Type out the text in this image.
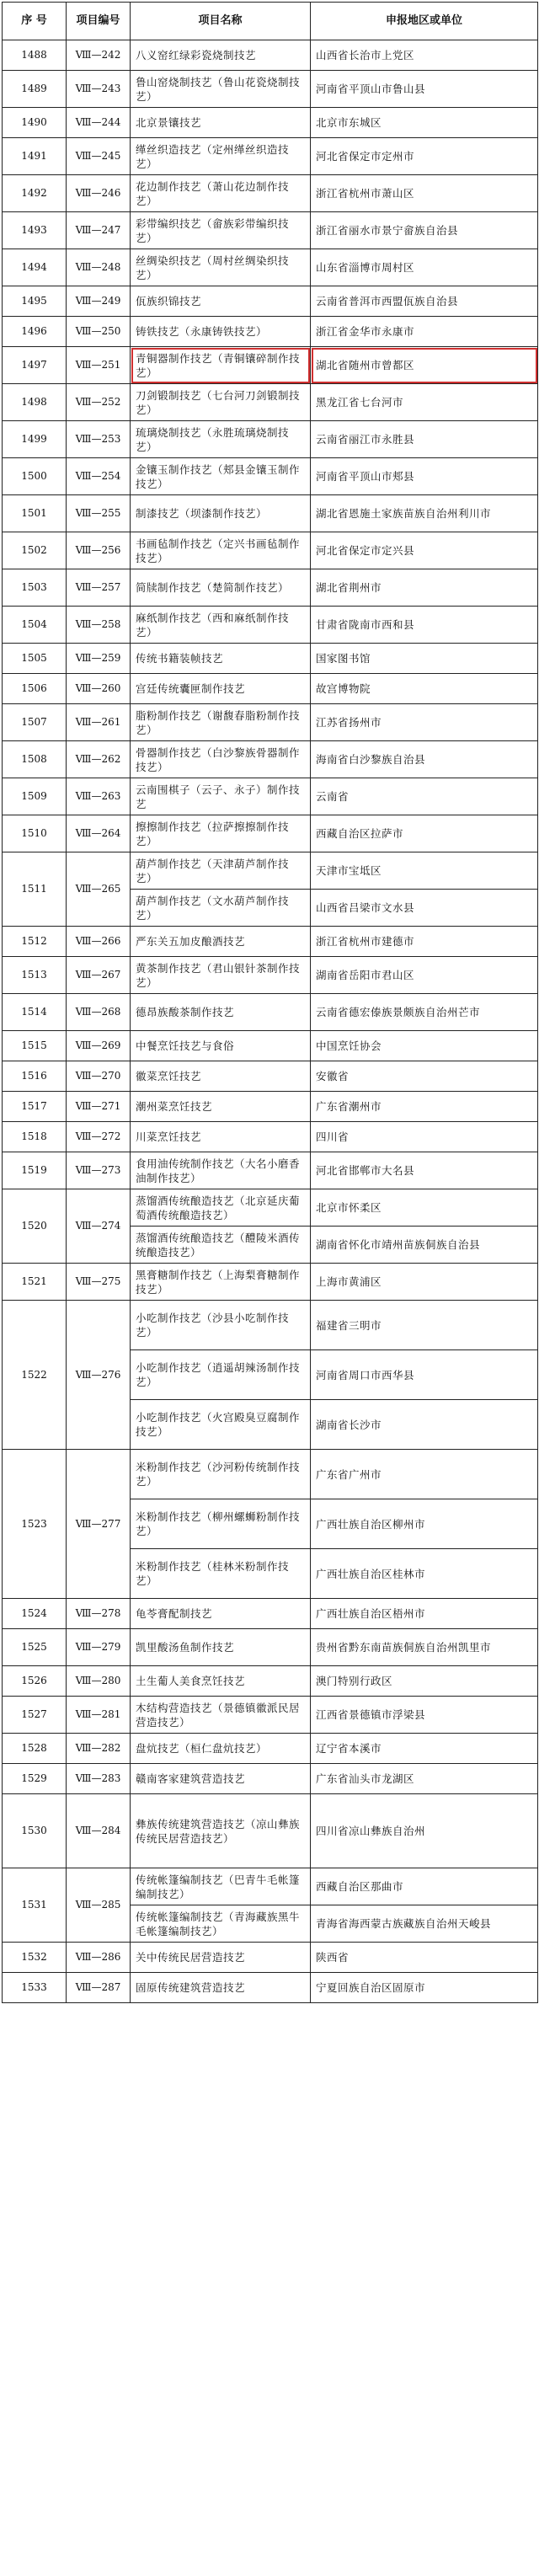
序 号	项目编号	项目名称	申报地区或单位
1488	Ⅷ—242	八义窑红绿彩瓷烧制技艺	山西省长治市上党区
1489	Ⅷ—243	鲁山窑烧制技艺（鲁山花瓷烧制技艺）	河南省平顶山市鲁山县
1490	Ⅷ—244	北京景镶技艺	北京市东城区
1491	Ⅷ—245	缂丝织造技艺（定州缂丝织造技艺）	河北省保定市定州市
1492	Ⅷ—246	花边制作技艺（萧山花边制作技艺）	浙江省杭州市萧山区
1493	Ⅷ—247	彩带编织技艺（畲族彩带编织技艺）	浙江省丽水市景宁畲族自治县
1494	Ⅷ—248	丝绸染织技艺（周村丝绸染织技艺）	山东省淄博市周村区
1495	Ⅷ—249	佤族织锦技艺	云南省普洱市西盟佤族自治县
1496	Ⅷ—250	铸铁技艺（永康铸铁技艺）	浙江省金华市永康市
1497	Ⅷ—251	青铜器制作技艺（青铜镶碎制作技艺）	湖北省随州市曾都区
1498	Ⅷ—252	刀剑锻制技艺（七台河刀剑锻制技艺）	黑龙江省七台河市
1499	Ⅷ—253	琉璃烧制技艺（永胜琉璃烧制技艺）	云南省丽江市永胜县
1500	Ⅷ—254	金镶玉制作技艺（郏县金镶玉制作技艺）	河南省平顶山市郏县
1501	Ⅷ—255	制漆技艺（坝漆制作技艺）	湖北省恩施土家族苗族自治州利川市
1502	Ⅷ—256	书画毡制作技艺（定兴书画毡制作技艺）	河北省保定市定兴县
1503	Ⅷ—257	简牍制作技艺（楚简制作技艺）	湖北省荆州市
1504	Ⅷ—258	麻纸制作技艺（西和麻纸制作技艺）	甘肃省陇南市西和县
1505	Ⅷ—259	传统书籍装帧技艺	国家图书馆
1506	Ⅷ—260	宫廷传统囊匣制作技艺	故宫博物院
1507	Ⅷ—261	脂粉制作技艺（谢馥春脂粉制作技艺）	江苏省扬州市
1508	Ⅷ—262	骨器制作技艺（白沙黎族骨器制作技艺）	海南省白沙黎族自治县
1509	Ⅷ—263	云南围棋子（云子、永子）制作技艺	云南省
1510	Ⅷ—264	擦擦制作技艺（拉萨擦擦制作技艺）	西藏自治区拉萨市
1511	Ⅷ—265	葫芦制作技艺（天津葫芦制作技艺）	天津市宝坻区
		葫芦制作技艺（文水葫芦制作技艺）	山西省吕梁市文水县
1512	Ⅷ—266	严东关五加皮酿酒技艺	浙江省杭州市建德市
1513	Ⅷ—267	黄茶制作技艺（君山银针茶制作技艺）	湖南省岳阳市君山区
1514	Ⅷ—268	德昂族酸茶制作技艺	云南省德宏傣族景颇族自治州芒市
1515	Ⅷ—269	中餐烹饪技艺与食俗	中国烹饪协会
1516	Ⅷ—270	徽菜烹饪技艺	安徽省
1517	Ⅷ—271	潮州菜烹饪技艺	广东省潮州市
1518	Ⅷ—272	川菜烹饪技艺	四川省
1519	Ⅷ—273	食用油传统制作技艺（大名小磨香油制作技艺）	河北省邯郸市大名县
1520	Ⅷ—274	蒸馏酒传统酿造技艺（北京延庆葡萄酒传统酿造技艺）	北京市怀柔区
		蒸馏酒传统酿造技艺（醴陵米酒传统酿造技艺）	湖南省怀化市靖州苗族侗族自治县
1521	Ⅷ—275	黑膏糖制作技艺（上海梨膏糖制作技艺）	上海市黄浦区
1522	Ⅷ—276	小吃制作技艺（沙县小吃制作技艺）	福建省三明市
		小吃制作技艺（逍遥胡辣汤制作技艺）	河南省周口市西华县
		小吃制作技艺（火宫殿臭豆腐制作技艺）	湖南省长沙市
1523	Ⅷ—277	米粉制作技艺（沙河粉传统制作技艺）	广东省广州市
		米粉制作技艺（柳州螺蛳粉制作技艺）	广西壮族自治区柳州市
		米粉制作技艺（桂林米粉制作技艺）	广西壮族自治区桂林市
1524	Ⅷ—278	龟苓膏配制技艺	广西壮族自治区梧州市
1525	Ⅷ—279	凯里酸汤鱼制作技艺	贵州省黔东南苗族侗族自治州凯里市
1526	Ⅷ—280	土生葡人美食烹饪技艺	澳门特别行政区
1527	Ⅷ—281	木结构营造技艺（景德镇徽派民居营造技艺）	江西省景德镇市浮梁县
1528	Ⅷ—282	盘炕技艺（桓仁盘炕技艺）	辽宁省本溪市
1529	Ⅷ—283	赣南客家建筑营造技艺	广东省汕头市龙湖区
1530	Ⅷ—284	彝族传统建筑营造技艺（凉山彝族传统民居营造技艺）	四川省凉山彝族自治州
1531	Ⅷ—285	传统帐篷编制技艺（巴青牛毛帐篷编制技艺）	西藏自治区那曲市
		传统帐篷编制技艺（青海藏族黑牛毛帐篷编制技艺）	青海省海西蒙古族藏族自治州天峻县
1532	Ⅷ—286	关中传统民居营造技艺	陕西省
1533	Ⅷ—287	固原传统建筑营造技艺	宁夏回族自治区固原市
